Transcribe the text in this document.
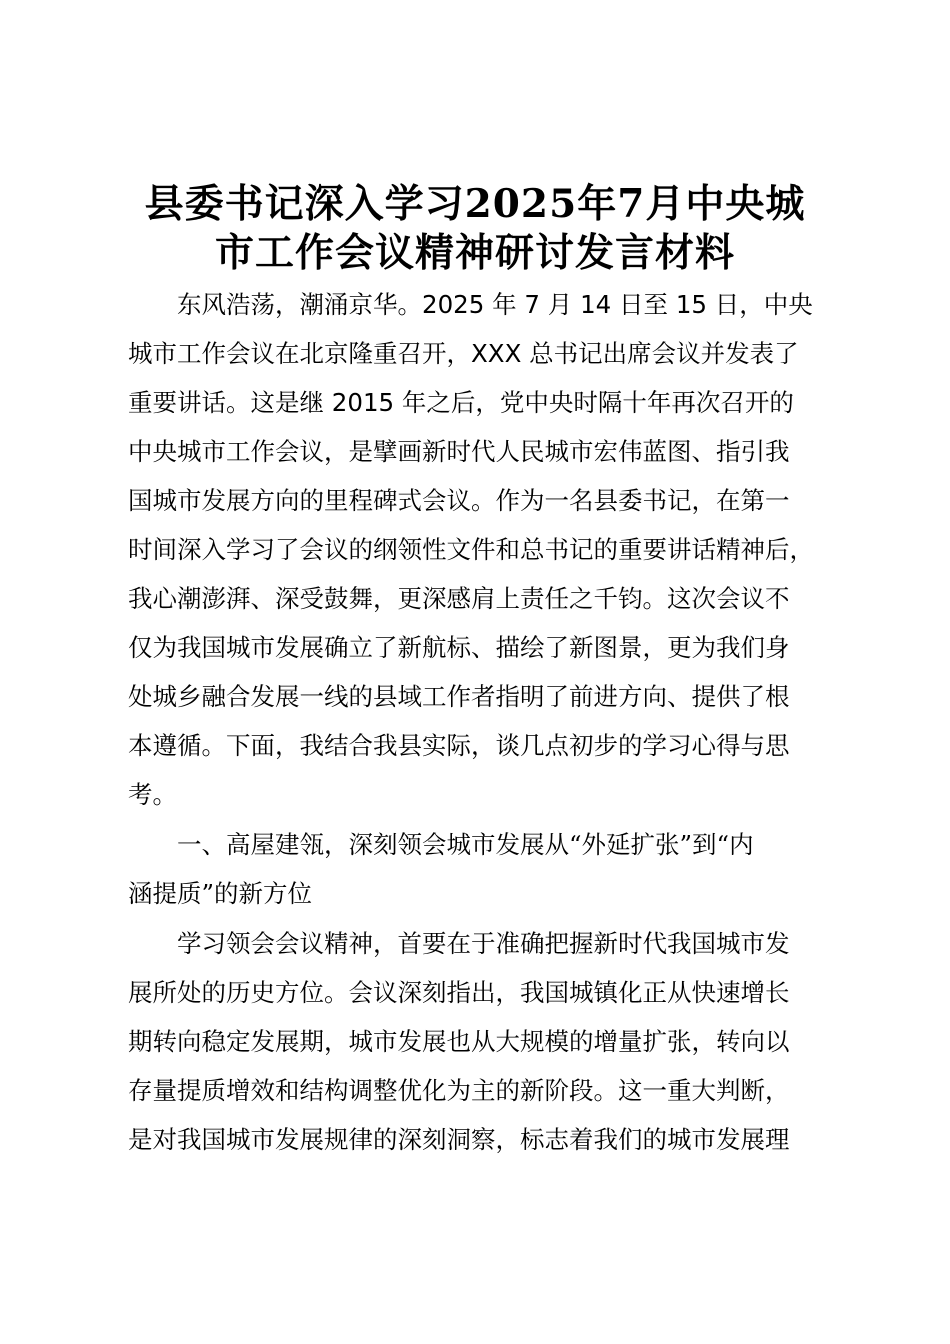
县委书记深入学习2025年7月中央城
市工作会议精神研讨发言材料
　　东风浩荡，潮涌京华。2025 年 7 月 14 日至 15 日，中央
城市工作会议在北京隆重召开，XXX 总书记出席会议并发表了
重要讲话。这是继 2015 年之后，党中央时隔十年再次召开的
中央城市工作会议，是擘画新时代人民城市宏伟蓝图、指引我
国城市发展方向的里程碑式会议。作为一名县委书记，在第一
时间深入学习了会议的纲领性文件和总书记的重要讲话精神后，
我心潮澎湃、深受鼓舞，更深感肩上责任之千钧。这次会议不
仅为我国城市发展确立了新航标、描绘了新图景，更为我们身
处城乡融合发展一线的县域工作者指明了前进方向、提供了根
本遵循。下面，我结合我县实际，谈几点初步的学习心得与思
考。
　　一、高屋建瓴，深刻领会城市发展从“外延扩张”到“内
涵提质”的新方位
　　学习领会会议精神，首要在于准确把握新时代我国城市发
展所处的历史方位。会议深刻指出，我国城镇化正从快速增长
期转向稳定发展期，城市发展也从大规模的增量扩张，转向以
存量提质增效和结构调整优化为主的新阶段。这一重大判断，
是对我国城市发展规律的深刻洞察，标志着我们的城市发展理
